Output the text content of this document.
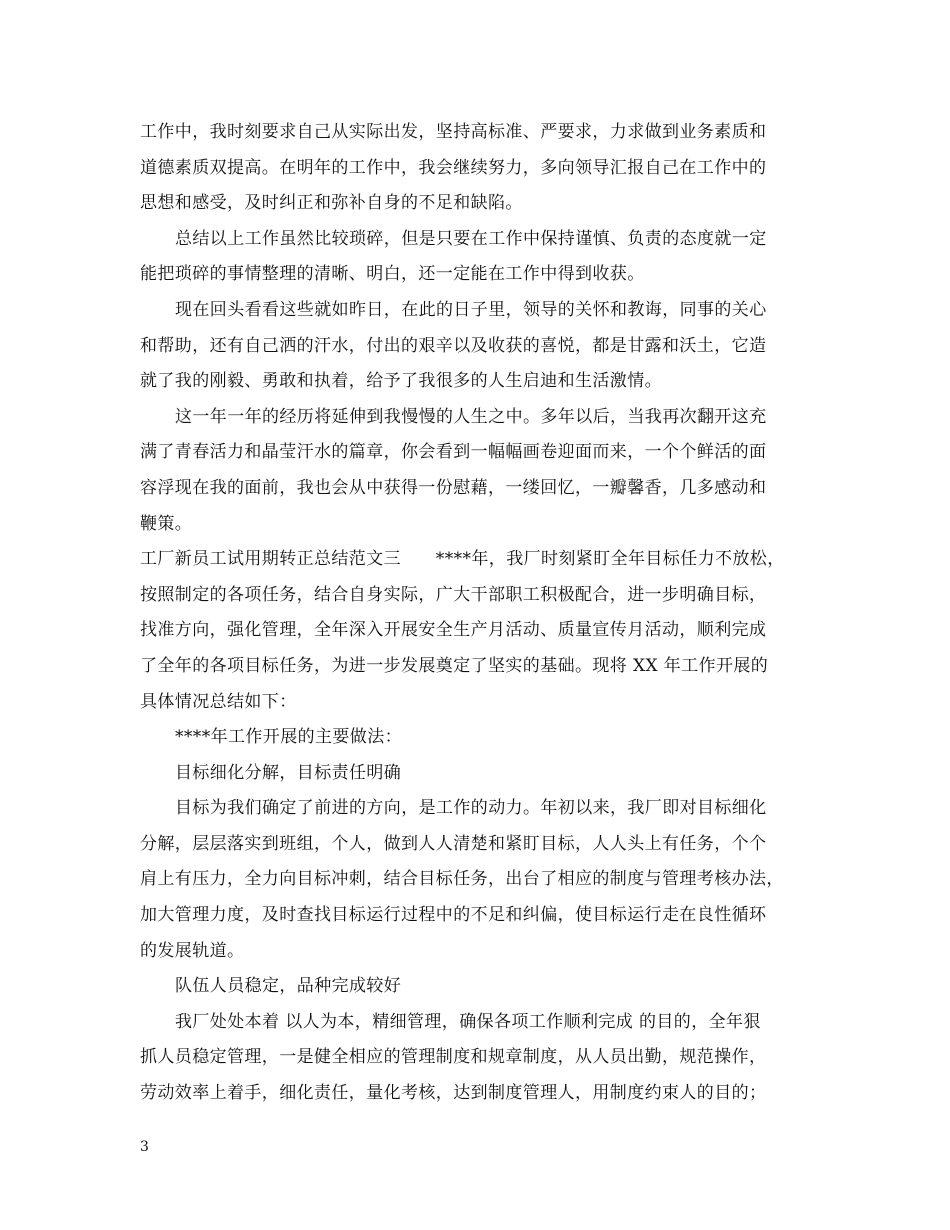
工作中，我时刻要求自己从实际出发，坚持高标准、严要求，力求做到业务素质和
道德素质双提高。在明年的工作中，我会继续努力，多向领导汇报自己在工作中的
思想和感受，及时纠正和弥补自身的不足和缺陷。
总结以上工作虽然比较琐碎，但是只要在工作中保持谨慎、负责的态度就一定
能把琐碎的事情整理的清晰、明白，还一定能在工作中得到收获。
现在回头看看这些就如昨日，在此的日子里，领导的关怀和教诲，同事的关心
和帮助，还有自己洒的汗水，付出的艰辛以及收获的喜悦，都是甘露和沃土，它造
就了我的刚毅、勇敢和执着，给予了我很多的人生启迪和生活激情。
这一年一年的经历将延伸到我慢慢的人生之中。多年以后，当我再次翻开这充
满了青春活力和晶莹汗水的篇章，你会看到一幅幅画卷迎面而来，一个个鲜活的面
容浮现在我的面前，我也会从中获得一份慰藉，一缕回忆，一瓣馨香，几多感动和
鞭策。
工厂新员工试用期转正总结范文三　　****年，我厂时刻紧盯全年目标任力不放松，
按照制定的各项任务，结合自身实际，广大干部职工积极配合，进一步明确目标，
找准方向，强化管理，全年深入开展安全生产月活动、质量宣传月活动，顺利完成
了全年的各项目标任务，为进一步发展奠定了坚实的基础。现将 XX 年工作开展的
具体情况总结如下：
****年工作开展的主要做法：
目标细化分解，目标责任明确
目标为我们确定了前进的方向，是工作的动力。年初以来，我厂即对目标细化
分解，层层落实到班组，个人，做到人人清楚和紧盯目标，人人头上有任务，个个
肩上有压力，全力向目标冲刺，结合目标任务，出台了相应的制度与管理考核办法，
加大管理力度，及时查找目标运行过程中的不足和纠偏，使目标运行走在良性循环
的发展轨道。
队伍人员稳定，品种完成较好
我厂处处本着 以人为本，精细管理，确保各项工作顺利完成 的目的，全年狠
抓人员稳定管理，一是健全相应的管理制度和规章制度，从人员出勤，规范操作，
劳动效率上着手，细化责任，量化考核，达到制度管理人，用制度约束人的目的；
3
